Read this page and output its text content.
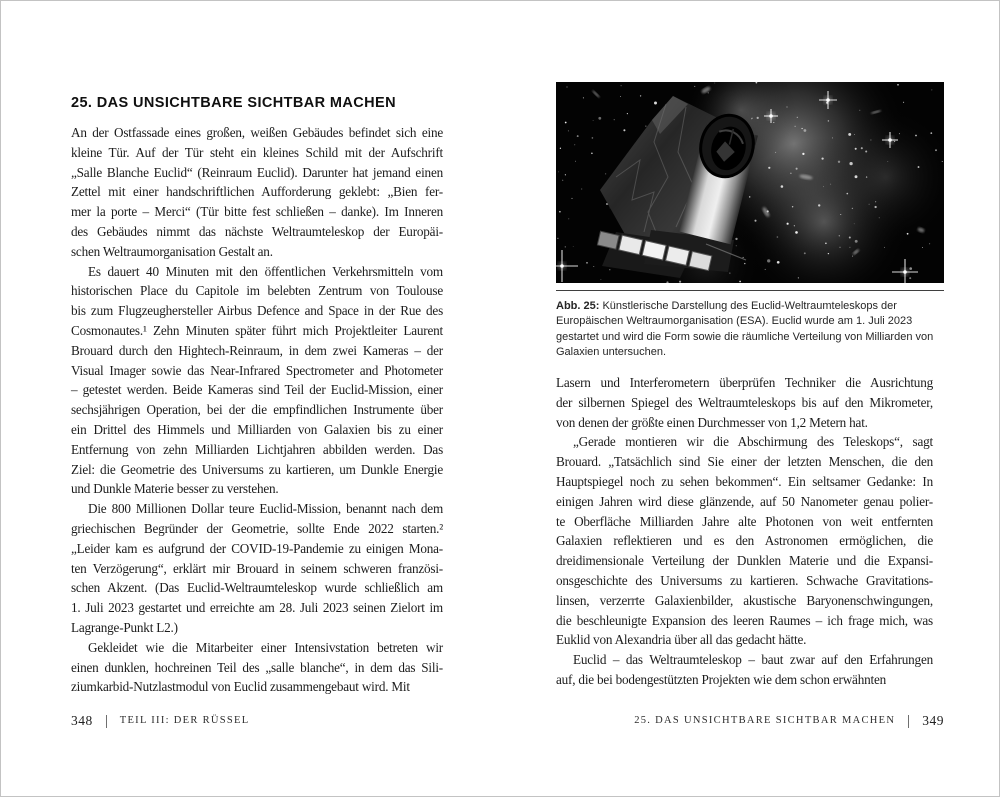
25. DAS UNSICHTBARE SICHTBAR MACHEN
An der Ostfassade eines großen, weißen Gebäudes befindet sich eine
kleine Tür. Auf der Tür steht ein kleines Schild mit der Aufschrift
„Salle Blanche Euclid“ (Reinraum Euclid). Darunter hat jemand einen
Zettel mit einer handschriftlichen Aufforderung geklebt: „Bien fer-
mer la porte – Merci“ (Tür bitte fest schließen – danke). Im Inneren
des Gebäudes nimmt das nächste Weltraumteleskop der Europäi-
schen Weltraumorganisation Gestalt an.
Es dauert 40 Minuten mit den öffentlichen Verkehrsmitteln vom
historischen Place du Capitole im belebten Zentrum von Toulouse
bis zum Flugzeughersteller Airbus Defence and Space in der Rue des
Cosmonautes.¹ Zehn Minuten später führt mich Projektleiter Laurent
Brouard durch den Hightech-Reinraum, in dem zwei Kameras – der
Visual Imager sowie das Near-Infrared Spectrometer and Photometer
– getestet werden. Beide Kameras sind Teil der Euclid-Mission, einer
sechsjährigen Operation, bei der die empfindlichen Instrumente über
ein Drittel des Himmels und Milliarden von Galaxien bis zu einer
Entfernung von zehn Milliarden Lichtjahren abbilden werden. Das
Ziel: die Geometrie des Universums zu kartieren, um Dunkle Energie
und Dunkle Materie besser zu verstehen.
Die 800 Millionen Dollar teure Euclid-Mission, benannt nach dem
griechischen Begründer der Geometrie, sollte Ende 2022 starten.²
„Leider kam es aufgrund der COVID-19-Pandemie zu einigen Mona-
ten Verzögerung“, erklärt mir Brouard in seinem schweren französi-
schen Akzent. (Das Euclid-Weltraumteleskop wurde schließlich am
1. Juli 2023 gestartet und erreichte am 28. Juli 2023 seinen Zielort im
Lagrange-Punkt L2.)
Gekleidet wie die Mitarbeiter einer Intensivstation betreten wir
einen dunklen, hochreinen Teil des „salle blanche“, in dem das Sili-
ziumkarbid-Nutzlastmodul von Euclid zusammengebaut wird. Mit
348	TEIL III: DER RÜSSEL
Abb. 25: Künstlerische Darstellung des Euclid-Weltraumteleskops der Europäischen Weltraumorganisation (ESA). Euclid wurde am 1. Juli 2023 gestartet und wird die Form sowie die räumliche Verteilung von Milliarden von Galaxien untersuchen.
Lasern und Interferometern überprüfen Techniker die Ausrichtung
der silbernen Spiegel des Weltraumteleskops bis auf den Mikrometer,
von denen der größte einen Durchmesser von 1,2 Metern hat.
„Gerade montieren wir die Abschirmung des Teleskops“, sagt
Brouard. „Tatsächlich sind Sie einer der letzten Menschen, die den
Hauptspiegel noch zu sehen bekommen“. Ein seltsamer Gedanke: In
einigen Jahren wird diese glänzende, auf 50 Nanometer genau polier-
te Oberfläche Milliarden Jahre alte Photonen von weit entfernten
Galaxien reflektieren und es den Astronomen ermöglichen, die
dreidimensionale Verteilung der Dunklen Materie und die Expansi-
onsgeschichte des Universums zu kartieren. Schwache Gravitations-
linsen, verzerrte Galaxienbilder, akustische Baryonenschwingungen,
die beschleunigte Expansion des leeren Raumes – ich frage mich, was
Euklid von Alexandria über all das gedacht hätte.
Euclid – das Weltraumteleskop – baut zwar auf den Erfahrungen
auf, die bei bodengestützten Projekten wie dem schon erwähnten
25. DAS UNSICHTBARE SICHTBAR MACHEN 349
